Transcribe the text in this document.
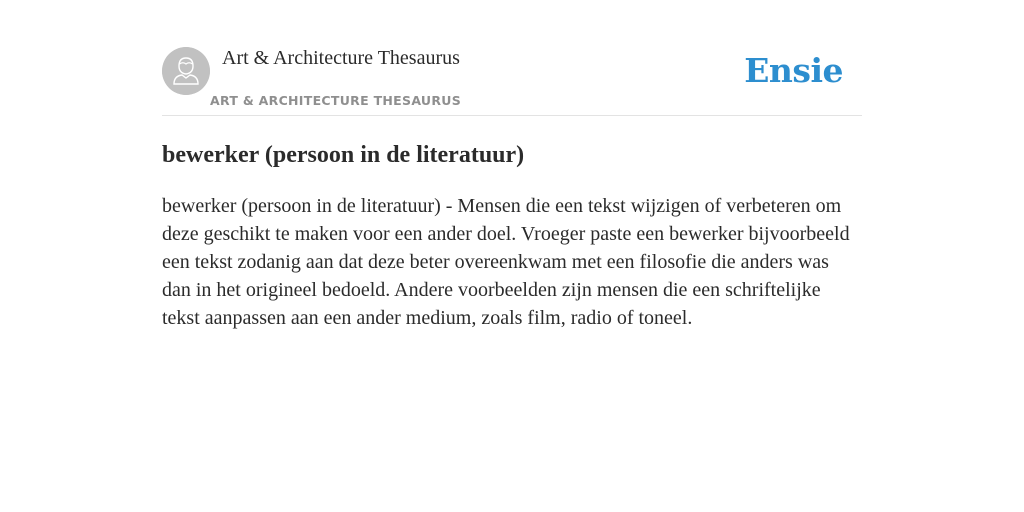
Art & Architecture Thesaurus
ART & ARCHITECTURE THESAURUS
Ensie
bewerker (persoon in de literatuur)

bewerker (persoon in de literatuur) - Mensen die een tekst wijzigen of verbeteren om deze geschikt te maken voor een ander doel. Vroeger paste een bewerker bijvoorbeeld een tekst zodanig aan dat deze beter overeenkwam met een filosofie die anders was dan in het origineel bedoeld. Andere voorbeelden zijn mensen die een schriftelijke tekst aanpassen aan een ander medium, zoals film, radio of toneel.
